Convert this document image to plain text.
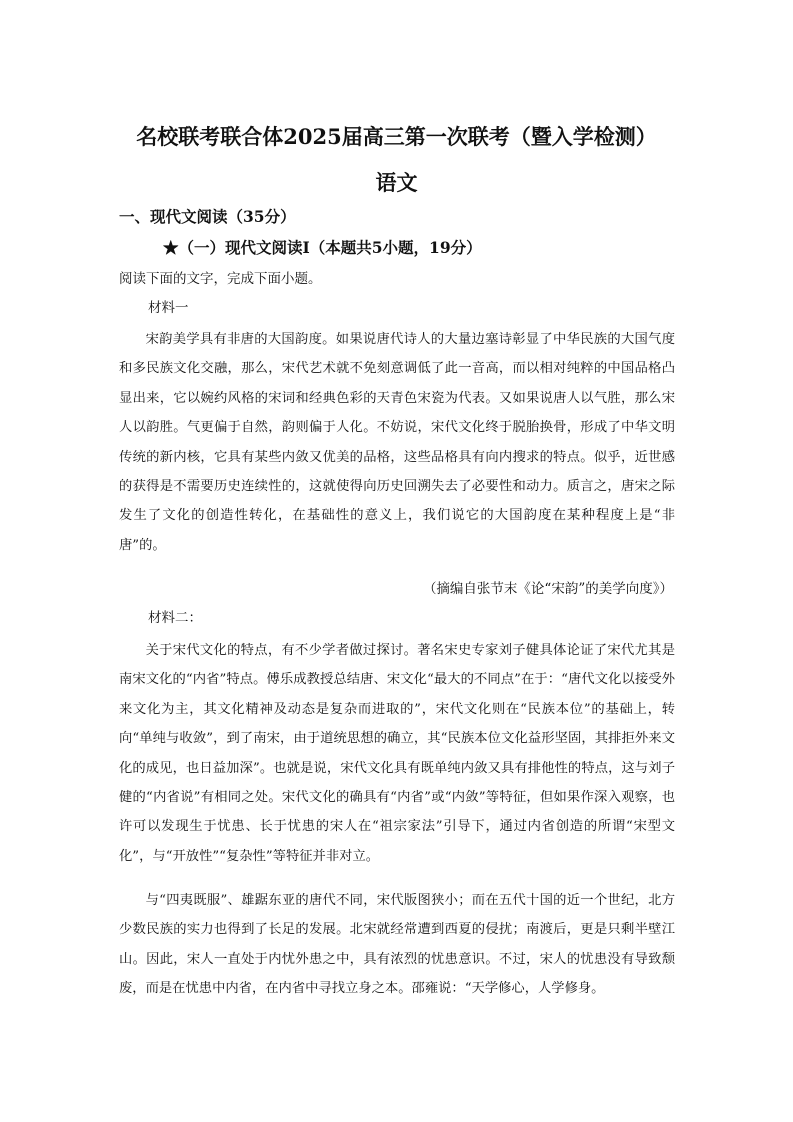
名校联考联合体2025届高三第一次联考（暨入学检测）
语文
一、现代文阅读（35分）
★（一）现代文阅读Ⅰ（本题共5小题，19分）
阅读下面的文字，完成下面小题。
材料一

宋韵美学具有非唐的大国韵度。如果说唐代诗人的大量边塞诗彰显了中华民族的大国气度和多民族文化交融，那么，宋代艺术就不免刻意调低了此一音高，而以相对纯粹的中国品格凸显出来，它以婉约风格的宋词和经典色彩的天青色宋瓷为代表。又如果说唐人以气胜，那么宋人以韵胜。气更偏于自然，韵则偏于人化。不妨说，宋代文化终于脱胎换骨，形成了中华文明传统的新内核，它具有某些内敛又优美的品格，这些品格具有向内搜求的特点。似乎，近世感的获得是不需要历史连续性的，这就使得向历史回溯失去了必要性和动力。质言之，唐宋之际发生了文化的创造性转化，在基础性的意义上，我们说它的大国韵度在某种程度上是“非唐”的。

（摘编自张节末《论“宋韵”的美学向度》）
材料二：

关于宋代文化的特点，有不少学者做过探讨。著名宋史专家刘子健具体论证了宋代尤其是南宋文化的“内省”特点。傅乐成教授总结唐、宋文化“最大的不同点”在于：“唐代文化以接受外来文化为主，其文化精神及动态是复杂而进取的”，宋代文化则在“民族本位”的基础上，转向“单纯与收敛”，到了南宋，由于道统思想的确立，其“民族本位文化益形坚固，其排拒外来文化的成见，也日益加深”。也就是说，宋代文化具有既单纯内敛又具有排他性的特点，这与刘子健的“内省说”有相同之处。宋代文化的确具有“内省”或“内敛”等特征，但如果作深入观察，也许可以发现生于忧患、长于忧患的宋人在“祖宗家法”引导下，通过内省创造的所谓“宋型文化”，与“开放性”“复杂性”等特征并非对立。

与“四夷既服”、雄踞东亚的唐代不同，宋代版图狭小；而在五代十国的近一个世纪，北方少数民族的实力也得到了长足的发展。北宋就经常遭到西夏的侵扰；南渡后，更是只剩半壁江山。因此，宋人一直处于内忧外患之中，具有浓烈的忧患意识。不过，宋人的忧患没有导致颓废，而是在忧患中内省，在内省中寻找立身之本。邵雍说：“天学修心，人学修身。
